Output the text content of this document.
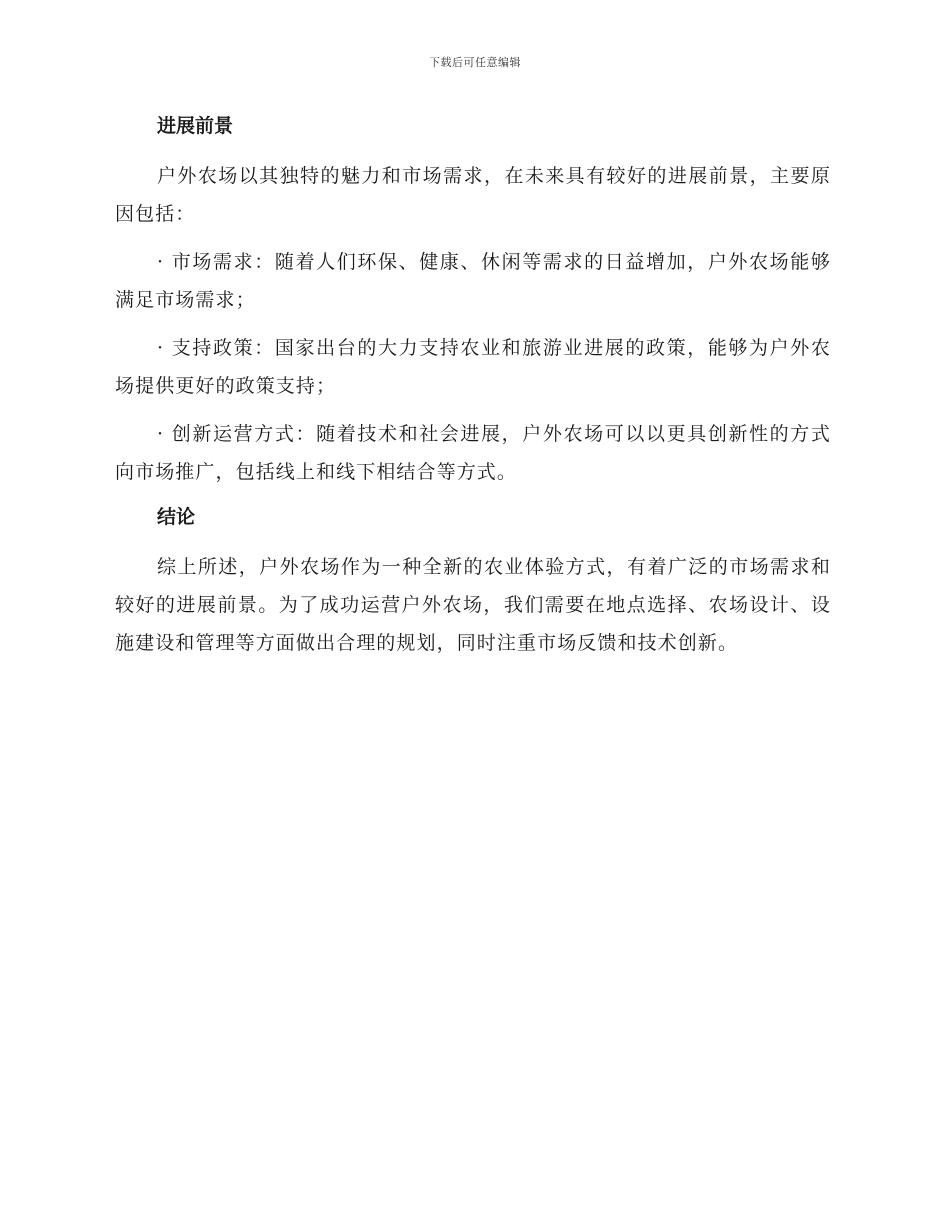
下载后可任意编辑
进展前景

户外农场以其独特的魅力和市场需求，在未来具有较好的进展前景，主要原因包括：

· 市场需求：随着人们环保、健康、休闲等需求的日益增加，户外农场能够满足市场需求；

· 支持政策：国家出台的大力支持农业和旅游业进展的政策，能够为户外农场提供更好的政策支持；

· 创新运营方式：随着技术和社会进展，户外农场可以以更具创新性的方式向市场推广，包括线上和线下相结合等方式。

结论

综上所述，户外农场作为一种全新的农业体验方式，有着广泛的市场需求和较好的进展前景。为了成功运营户外农场，我们需要在地点选择、农场设计、设施建设和管理等方面做出合理的规划，同时注重市场反馈和技术创新。
